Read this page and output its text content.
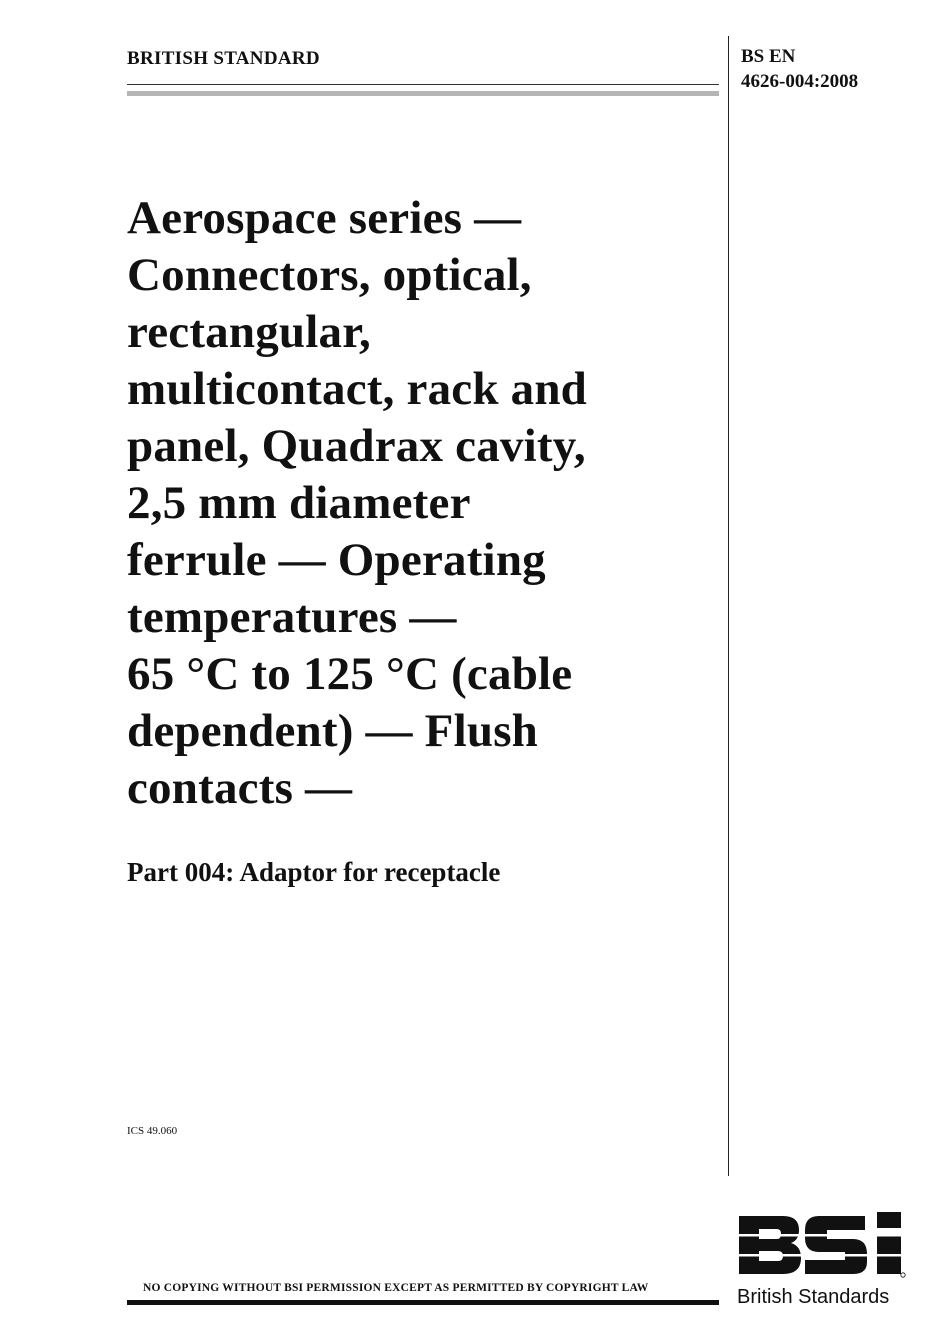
BRITISH STANDARD	BS EN
4626-004:2008
Aerospace series —
Connectors, optical,
rectangular,
multicontact, rack and
panel, Quadrax cavity,
2,5 mm diameter
ferrule — Operating
temperatures —
65 °C to 125 °C (cable
dependent) — Flush
contacts —
Part 004: Adaptor for receptacle
ICS 49.060
NO COPYING WITHOUT BSI PERMISSION EXCEPT AS PERMITTED BY COPYRIGHT LAW	British Standards
